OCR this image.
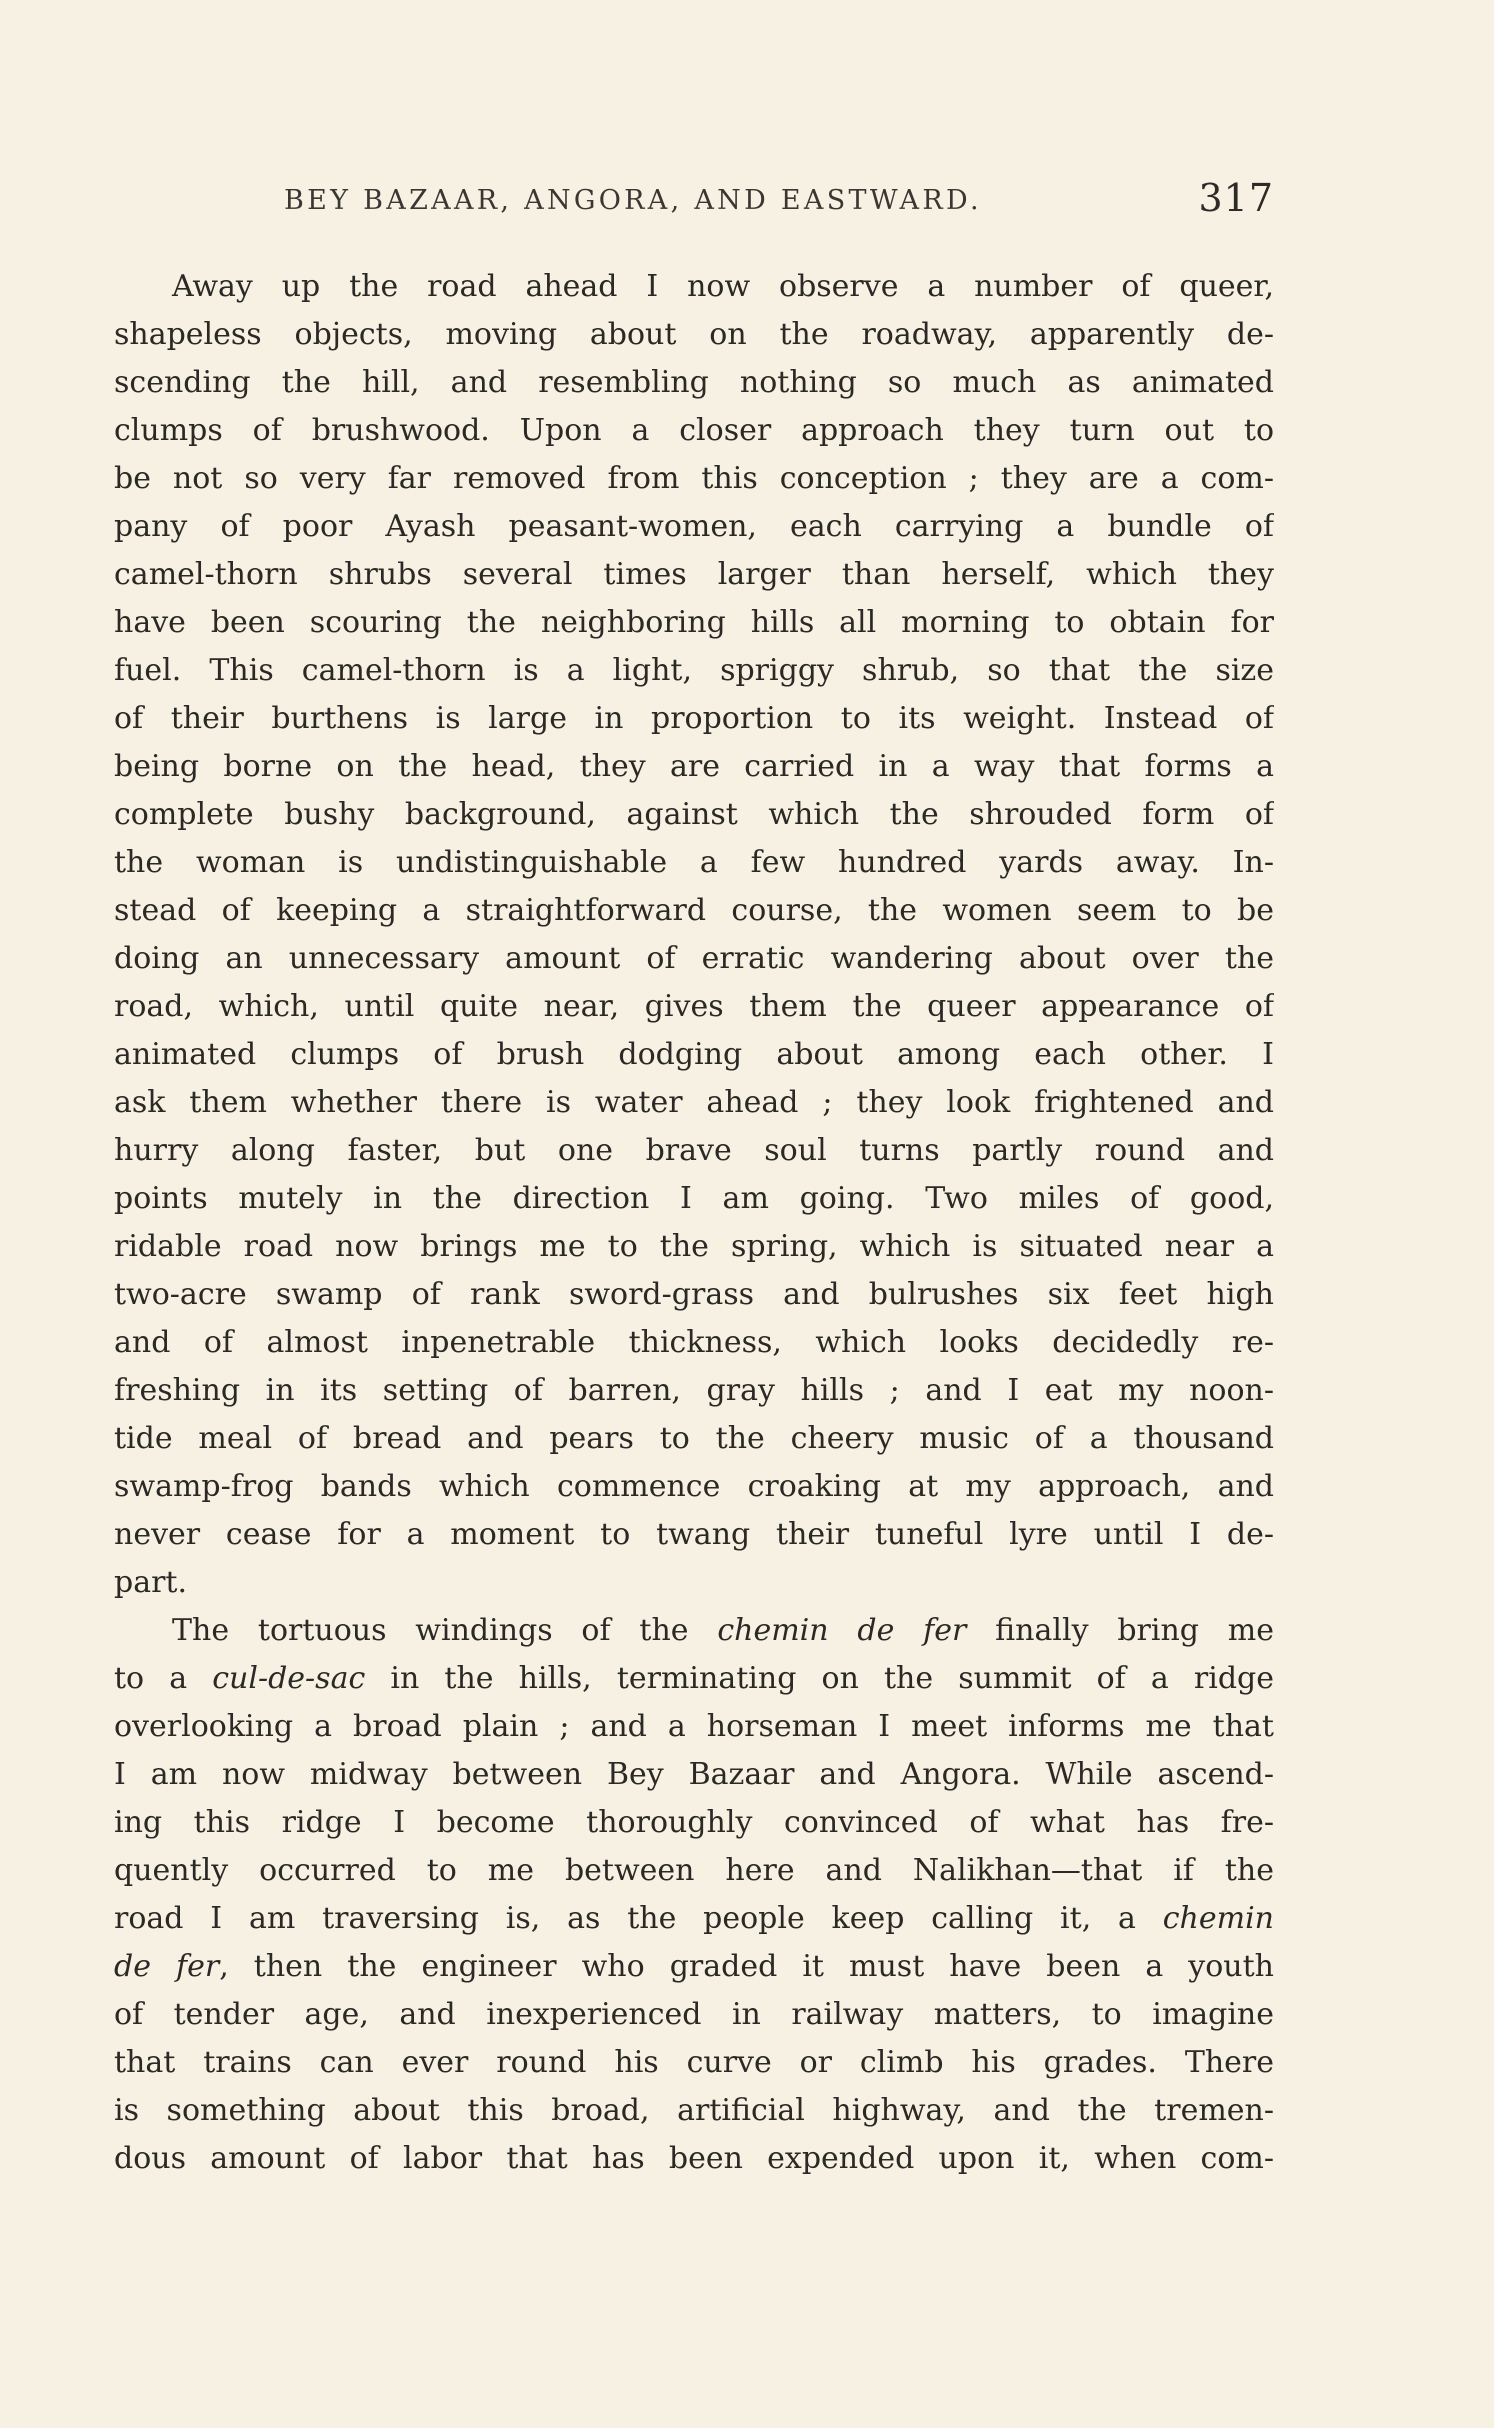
BEY BAZAAR, ANGORA, AND EASTWARD.	317
Away up the road ahead I now observe a number of queer,
shapeless objects, moving about on the roadway, apparently de-
scending the hill, and resembling nothing so much as animated
clumps of brushwood. Upon a closer approach they turn out to
be not so very far removed from this conception ; they are a com-
pany of poor Ayash peasant-women, each carrying a bundle of
camel-thorn shrubs several times larger than herself, which they
have been scouring the neighboring hills all morning to obtain for
fuel. This camel-thorn is a light, spriggy shrub, so that the size
of their burthens is large in proportion to its weight. Instead of
being borne on the head, they are carried in a way that forms a
complete bushy background, against which the shrouded form of
the woman is undistinguishable a few hundred yards away. In-
stead of keeping a straightforward course, the women seem to be
doing an unnecessary amount of erratic wandering about over the
road, which, until quite near, gives them the queer appearance of
animated clumps of brush dodging about among each other. I
ask them whether there is water ahead ; they look frightened and
hurry along faster, but one brave soul turns partly round and
points mutely in the direction I am going. Two miles of good,
ridable road now brings me to the spring, which is situated near a
two-acre swamp of rank sword-grass and bulrushes six feet high
and of almost inpenetrable thickness, which looks decidedly re-
freshing in its setting of barren, gray hills ; and I eat my noon-
tide meal of bread and pears to the cheery music of a thousand
swamp-frog bands which commence croaking at my approach, and
never cease for a moment to twang their tuneful lyre until I de-
part.
The tortuous windings of the chemin de fer finally bring me
to a cul-de-sac in the hills, terminating on the summit of a ridge
overlooking a broad plain ; and a horseman I meet informs me that
I am now midway between Bey Bazaar and Angora. While ascend-
ing this ridge I become thoroughly convinced of what has fre-
quently occurred to me between here and Nalikhan—that if the
road I am traversing is, as the people keep calling it, a chemin
de fer, then the engineer who graded it must have been a youth
of tender age, and inexperienced in railway matters, to imagine
that trains can ever round his curve or climb his grades. There
is something about this broad, artificial highway, and the tremen-
dous amount of labor that has been expended upon it, when com-
